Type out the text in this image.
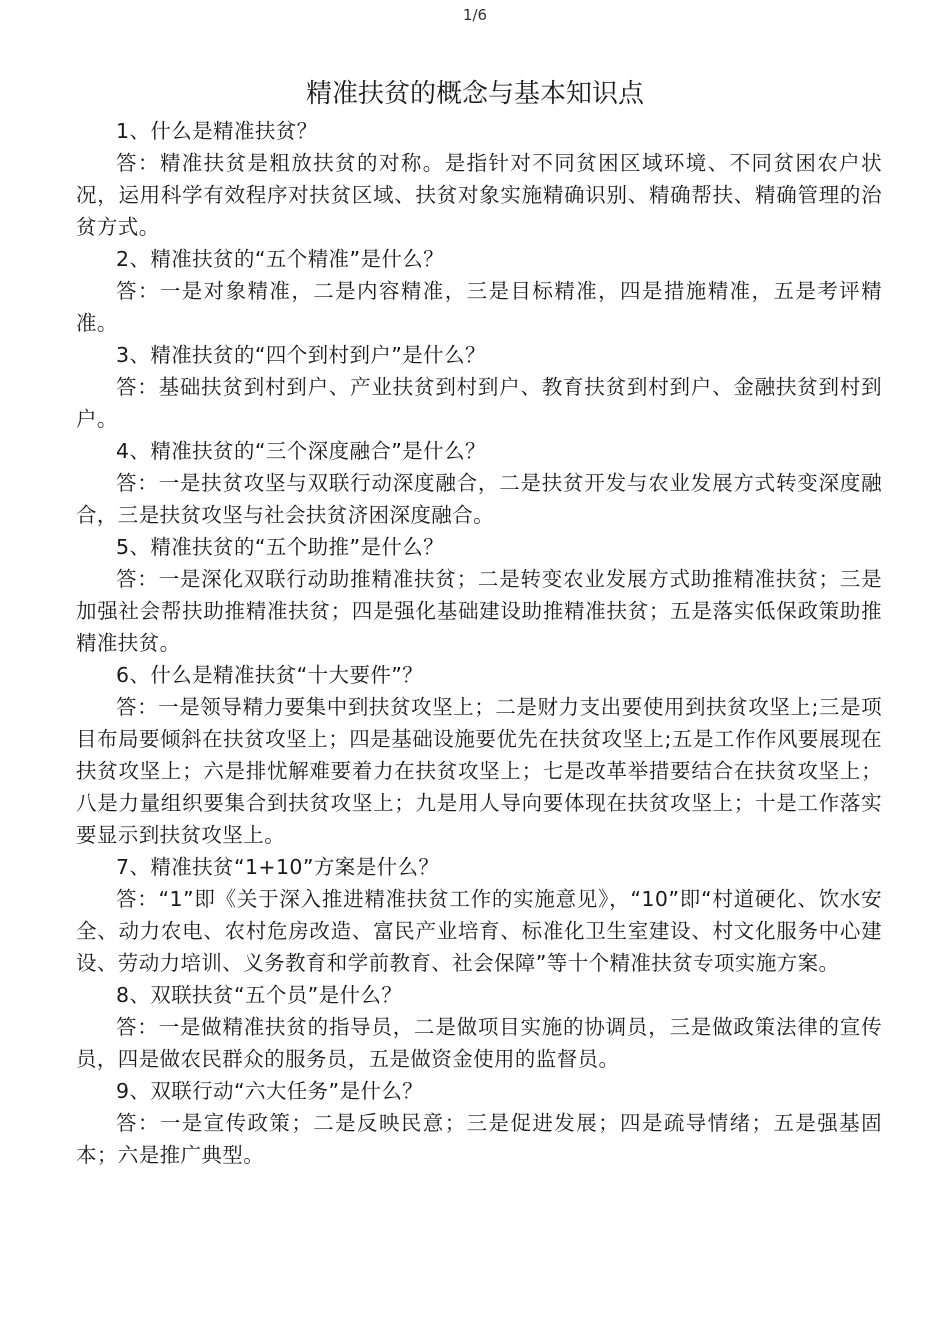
1/6
精准扶贫的概念与基本知识点

1、什么是精准扶贫？

答：精准扶贫是粗放扶贫的对称。是指针对不同贫困区域环境、不同贫困农户状况，运用科学有效程序对扶贫区域、扶贫对象实施精确识别、精确帮扶、精确管理的治贫方式。

2、精准扶贫的“五个精准”是什么？

答：一是对象精准，二是内容精准，三是目标精准，四是措施精准，五是考评精准。

3、精准扶贫的“四个到村到户”是什么？

答：基础扶贫到村到户、产业扶贫到村到户、教育扶贫到村到户、金融扶贫到村到户。

4、精准扶贫的“三个深度融合”是什么？

答：一是扶贫攻坚与双联行动深度融合，二是扶贫开发与农业发展方式转变深度融合，三是扶贫攻坚与社会扶贫济困深度融合。

5、精准扶贫的“五个助推”是什么？

答：一是深化双联行动助推精准扶贫；二是转变农业发展方式助推精准扶贫；三是加强社会帮扶助推精准扶贫；四是强化基础建设助推精准扶贫；五是落实低保政策助推精准扶贫。

6、什么是精准扶贫“十大要件”？

答：一是领导精力要集中到扶贫攻坚上；二是财力支出要使用到扶贫攻坚上;三是项目布局要倾斜在扶贫攻坚上；四是基础设施要优先在扶贫攻坚上;五是工作作风要展现在扶贫攻坚上；六是排忧解难要着力在扶贫攻坚上；七是改革举措要结合在扶贫攻坚上；八是力量组织要集合到扶贫攻坚上；九是用人导向要体现在扶贫攻坚上；十是工作落实要显示到扶贫攻坚上。

7、精准扶贫“1+10”方案是什么？

答：“1”即《关于深入推进精准扶贫工作的实施意见》，“10”即“村道硬化、饮水安全、动力农电、农村危房改造、富民产业培育、标准化卫生室建设、村文化服务中心建设、劳动力培训、义务教育和学前教育、社会保障”等十个精准扶贫专项实施方案。

8、双联扶贫“五个员”是什么？

答：一是做精准扶贫的指导员，二是做项目实施的协调员，三是做政策法律的宣传员，四是做农民群众的服务员，五是做资金使用的监督员。

9、双联行动“六大任务”是什么？

答：一是宣传政策；二是反映民意；三是促进发展；四是疏导情绪；五是强基固本；六是推广典型。
